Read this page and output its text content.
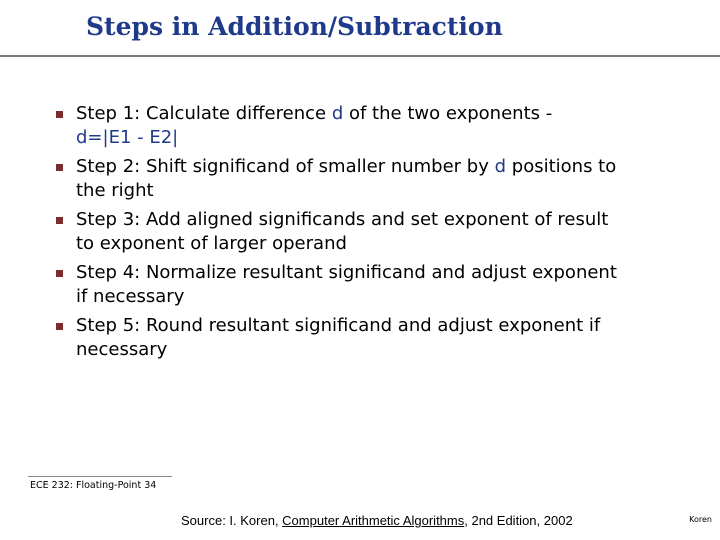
Steps in Addition/Subtraction
Step 1: Calculate difference d of the two exponents -
d=|E1 - E2|
Step 2: Shift significand of smaller number by d positions to
the right
Step 3: Add aligned significands and set exponent of result
to exponent of larger operand
Step 4: Normalize resultant significand and adjust exponent
if necessary
Step 5: Round resultant significand and adjust exponent if
necessary
ECE 232: Floating-Point 34
Source: I. Koren, Computer Arithmetic Algorithms, 2nd Edition, 2002	Koren
